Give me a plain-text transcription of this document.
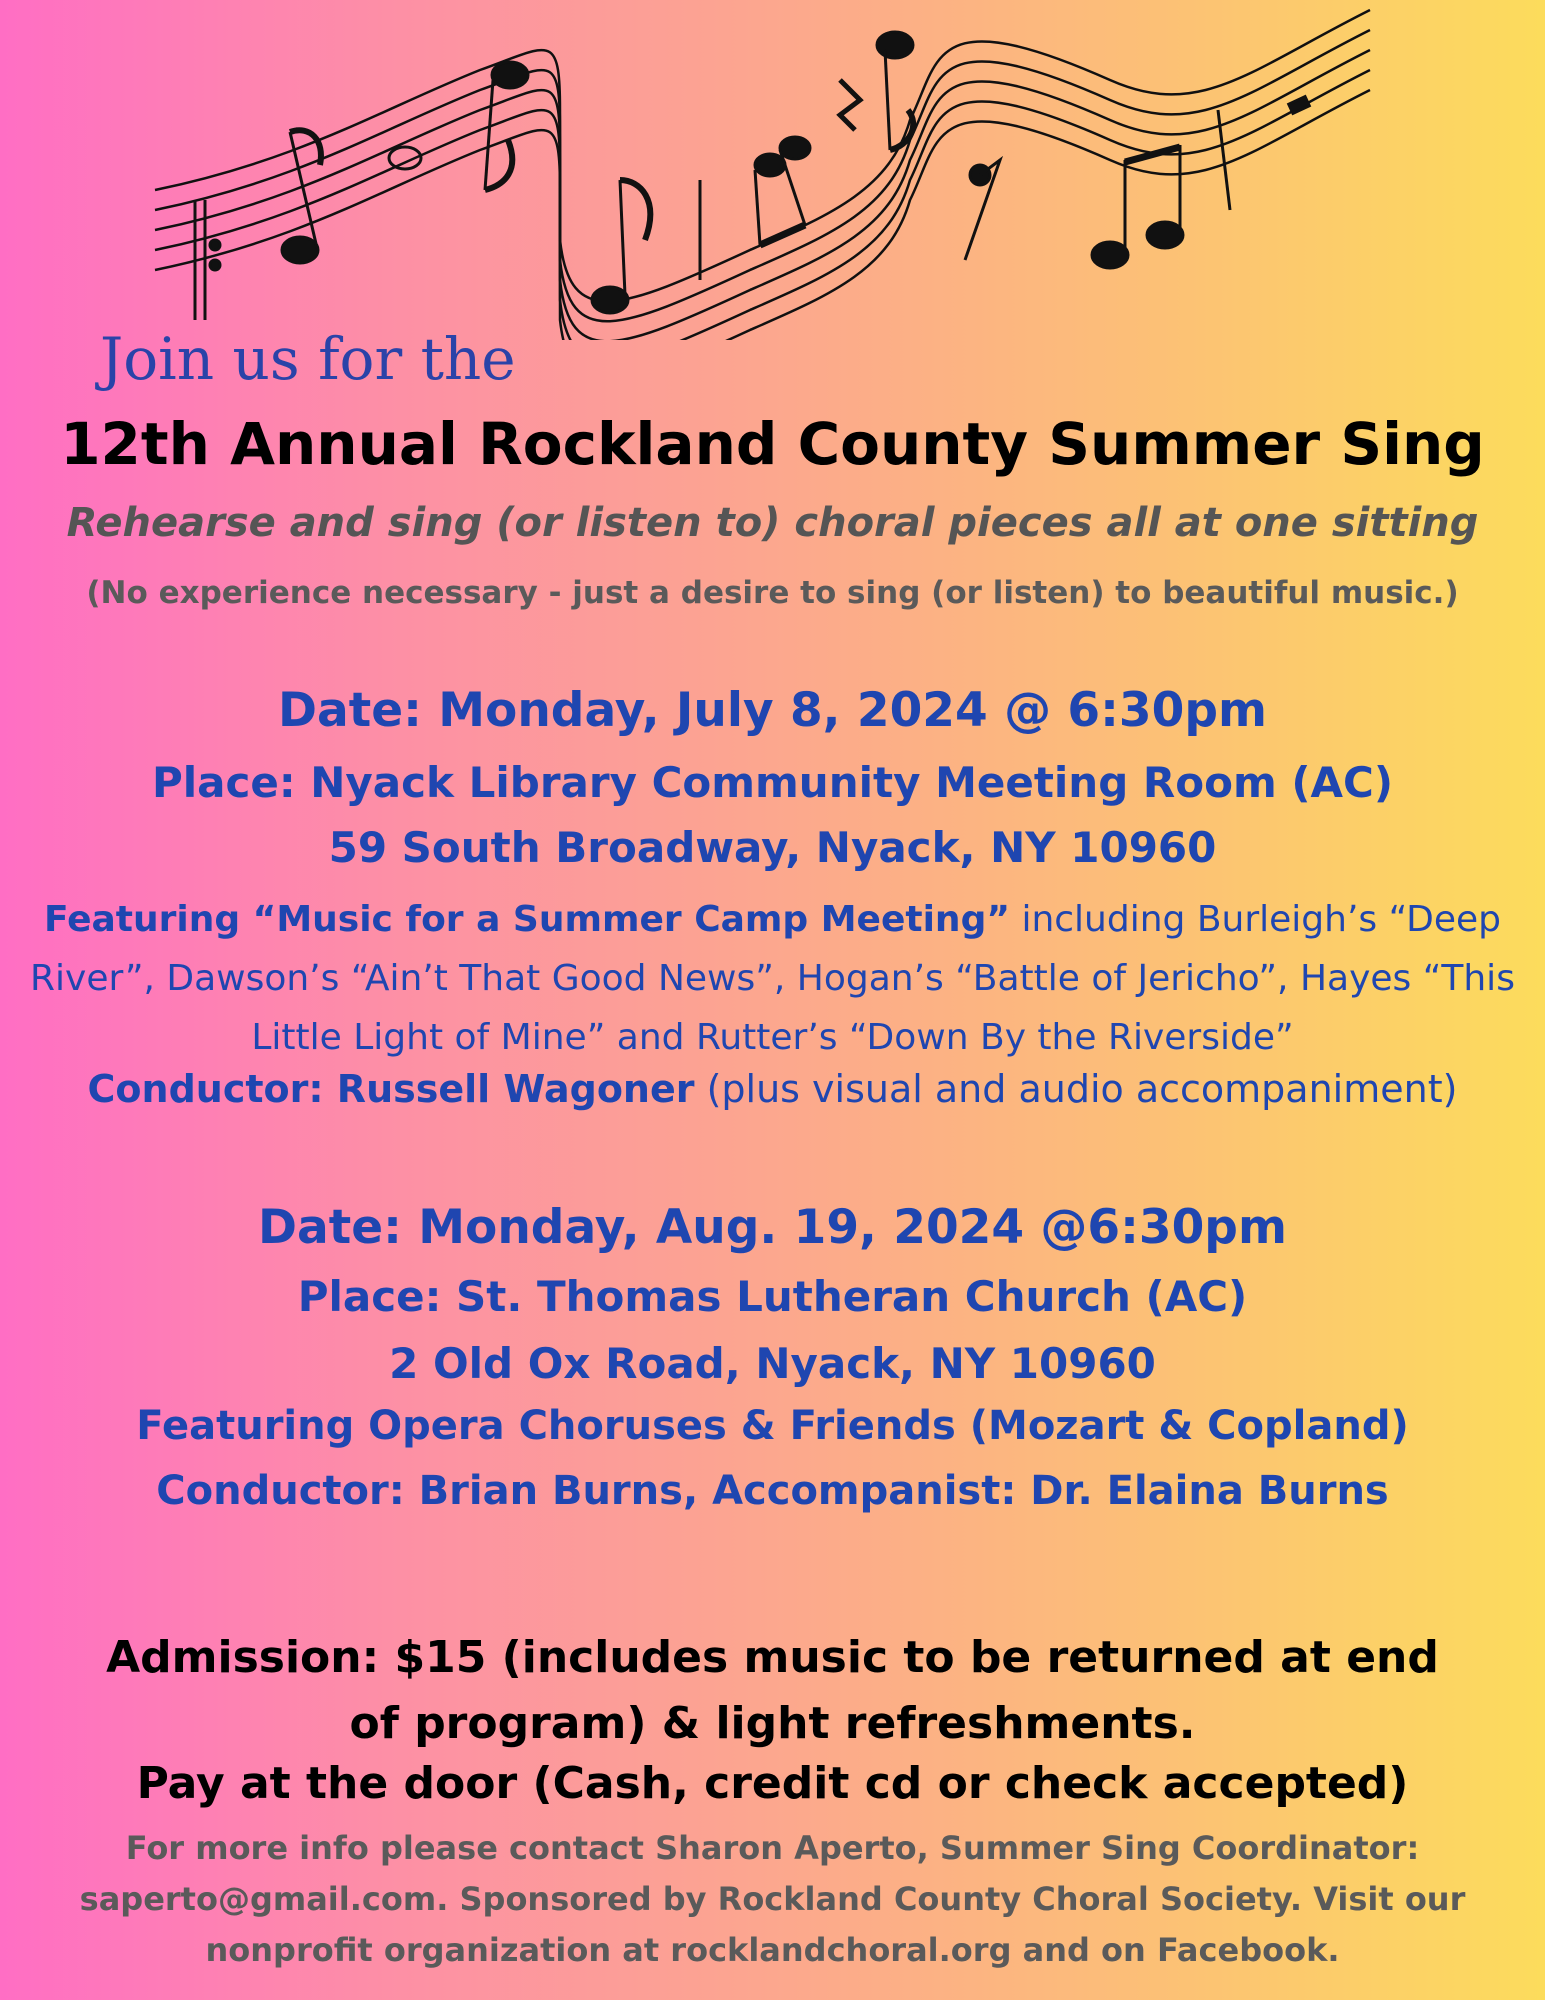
Join us for the
12th Annual Rockland County Summer Sing
Rehearse and sing (or listen to) choral pieces all at one sitting
(No experience necessary - just a desire to sing (or listen) to beautiful music.)
Date: Monday, July 8, 2024 @ 6:30pm
Place: Nyack Library Community Meeting Room (AC)
59 South Broadway, Nyack, NY 10960
Featuring “Music for a Summer Camp Meeting” including Burleigh’s “Deep River”, Dawson’s “Ain’t That Good News”, Hogan’s “Battle of Jericho”, Hayes “This Little Light of Mine” and Rutter’s “Down By the Riverside”
Conductor: Russell Wagoner (plus visual and audio accompaniment)
Date: Monday, Aug. 19, 2024 @6:30pm
Place: St. Thomas Lutheran Church (AC)
2 Old Ox Road, Nyack, NY 10960
Featuring Opera Choruses & Friends (Mozart & Copland)
Conductor: Brian Burns, Accompanist: Dr. Elaina Burns
Admission: $15 (includes music to be returned at end of program) & light refreshments.
Pay at the door (Cash, credit cd or check accepted)
For more info please contact Sharon Aperto, Summer Sing Coordinator: saperto@gmail.com. Sponsored by Rockland County Choral Society. Visit our nonprofit organization at rocklandchoral.org and on Facebook.
